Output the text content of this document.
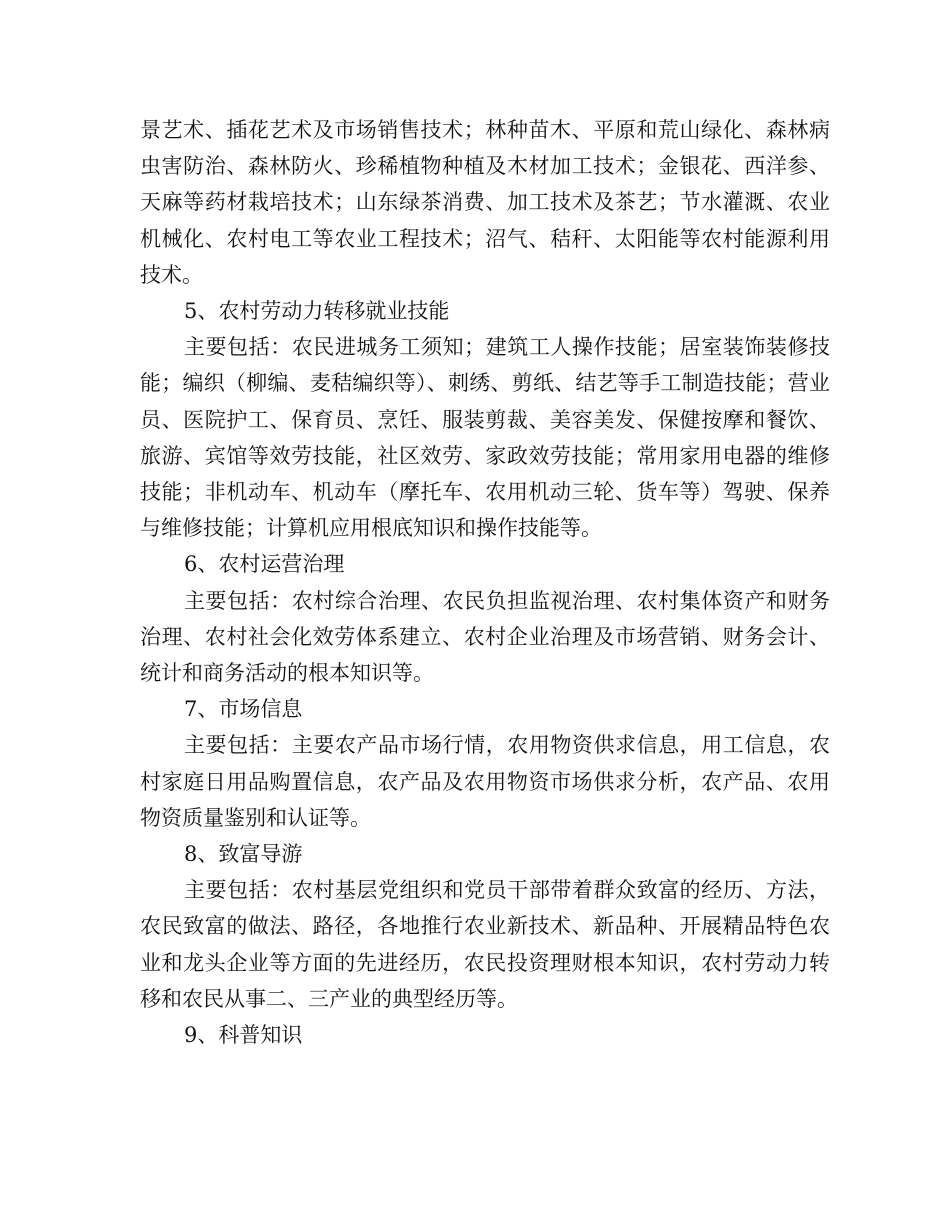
景艺术、插花艺术及市场销售技术；林种苗木、平原和荒山绿化、森林病虫害防治、森林防火、珍稀植物种植及木材加工技术；金银花、西洋参、天麻等药材栽培技术；山东绿茶消费、加工技术及茶艺；节水灌溉、农业机械化、农村电工等农业工程技术；沼气、秸秆、太阳能等农村能源利用技术。

5、农村劳动力转移就业技能

主要包括：农民进城务工须知；建筑工人操作技能；居室装饰装修技能；编织（柳编、麦秸编织等）、刺绣、剪纸、结艺等手工制造技能；营业员、医院护工、保育员、烹饪、服装剪裁、美容美发、保健按摩和餐饮、旅游、宾馆等效劳技能，社区效劳、家政效劳技能；常用家用电器的维修技能；非机动车、机动车（摩托车、农用机动三轮、货车等）驾驶、保养与维修技能；计算机应用根底知识和操作技能等。

6、农村运营治理

主要包括：农村综合治理、农民负担监视治理、农村集体资产和财务治理、农村社会化效劳体系建立、农村企业治理及市场营销、财务会计、统计和商务活动的根本知识等。

7、市场信息

主要包括：主要农产品市场行情，农用物资供求信息，用工信息，农村家庭日用品购置信息，农产品及农用物资市场供求分析，农产品、农用物资质量鉴别和认证等。

8、致富导游

主要包括：农村基层党组织和党员干部带着群众致富的经历、方法，农民致富的做法、路径，各地推行农业新技术、新品种、开展精品特色农业和龙头企业等方面的先进经历，农民投资理财根本知识，农村劳动力转移和农民从事二、三产业的典型经历等。

9、科普知识
